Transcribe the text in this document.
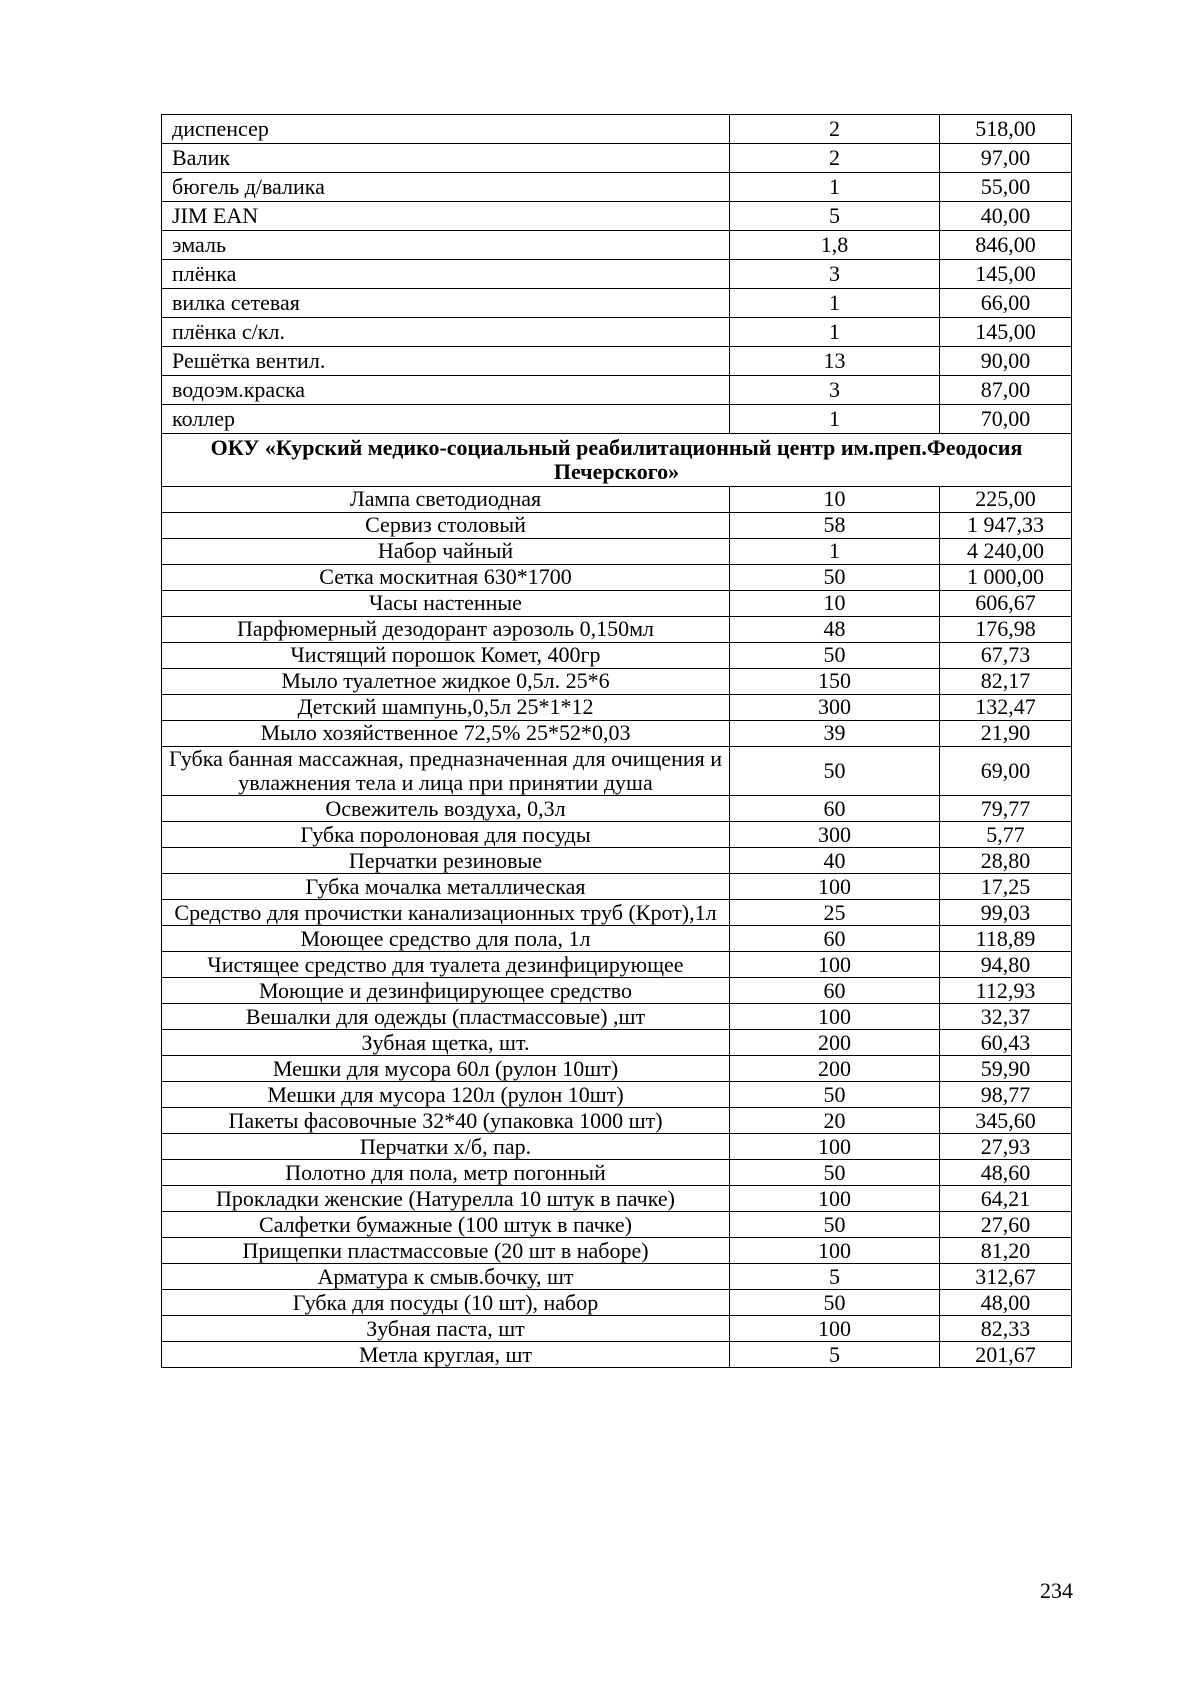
диспенсер	2	518,00
Валик	2	97,00
бюгель д/валика	1	55,00
JIM EAN	5	40,00
эмаль	1,8	846,00
плёнка	3	145,00
вилка сетевая	1	66,00
плёнка с/кл.	1	145,00
Решётка вентил.	13	90,00
водоэм.краска	3	87,00
коллер	1	70,00
ОКУ «Курский медико-социальный реабилитационный центр им.преп.Феодосия Печерского»		
Лампа светодиодная	10	225,00
Сервиз столовый	58	1 947,33
Набор чайный	1	4 240,00
Сетка москитная 630*1700	50	1 000,00
Часы настенные	10	606,67
Парфюмерный дезодорант аэрозоль 0,150мл	48	176,98
Чистящий порошок Комет, 400гр	50	67,73
Мыло туалетное жидкое 0,5л. 25*6	150	82,17
Детский шампунь,0,5л 25*1*12	300	132,47
Мыло хозяйственное 72,5% 25*52*0,03	39	21,90
Губка банная массажная, предназначенная для очищения и увлажнения тела и лица при принятии душа	50	69,00
Освежитель воздуха, 0,3л	60	79,77
Губка поролоновая для посуды	300	5,77
Перчатки резиновые	40	28,80
Губка мочалка металлическая	100	17,25
Средство для прочистки канализационных труб (Крот),1л	25	99,03
Моющее средство для пола, 1л	60	118,89
Чистящее средство для туалета дезинфицирующее	100	94,80
Моющие и дезинфицирующее средство	60	112,93
Вешалки для одежды (пластмассовые) ,шт	100	32,37
Зубная щетка, шт.	200	60,43
Мешки для мусора 60л (рулон 10шт)	200	59,90
Мешки для мусора 120л (рулон 10шт)	50	98,77
Пакеты фасовочные 32*40 (упаковка 1000 шт)	20	345,60
Перчатки х/б, пар.	100	27,93
Полотно для пола, метр погонный	50	48,60
Прокладки женские (Натурелла 10 штук в пачке)	100	64,21
Салфетки бумажные (100 штук в пачке)	50	27,60
Прищепки пластмассовые (20 шт в наборе)	100	81,20
Арматура к смыв.бочку, шт	5	312,67
Губка для посуды (10 шт), набор	50	48,00
Зубная паста, шт	100	82,33
Метла круглая, шт	5	201,67
234
